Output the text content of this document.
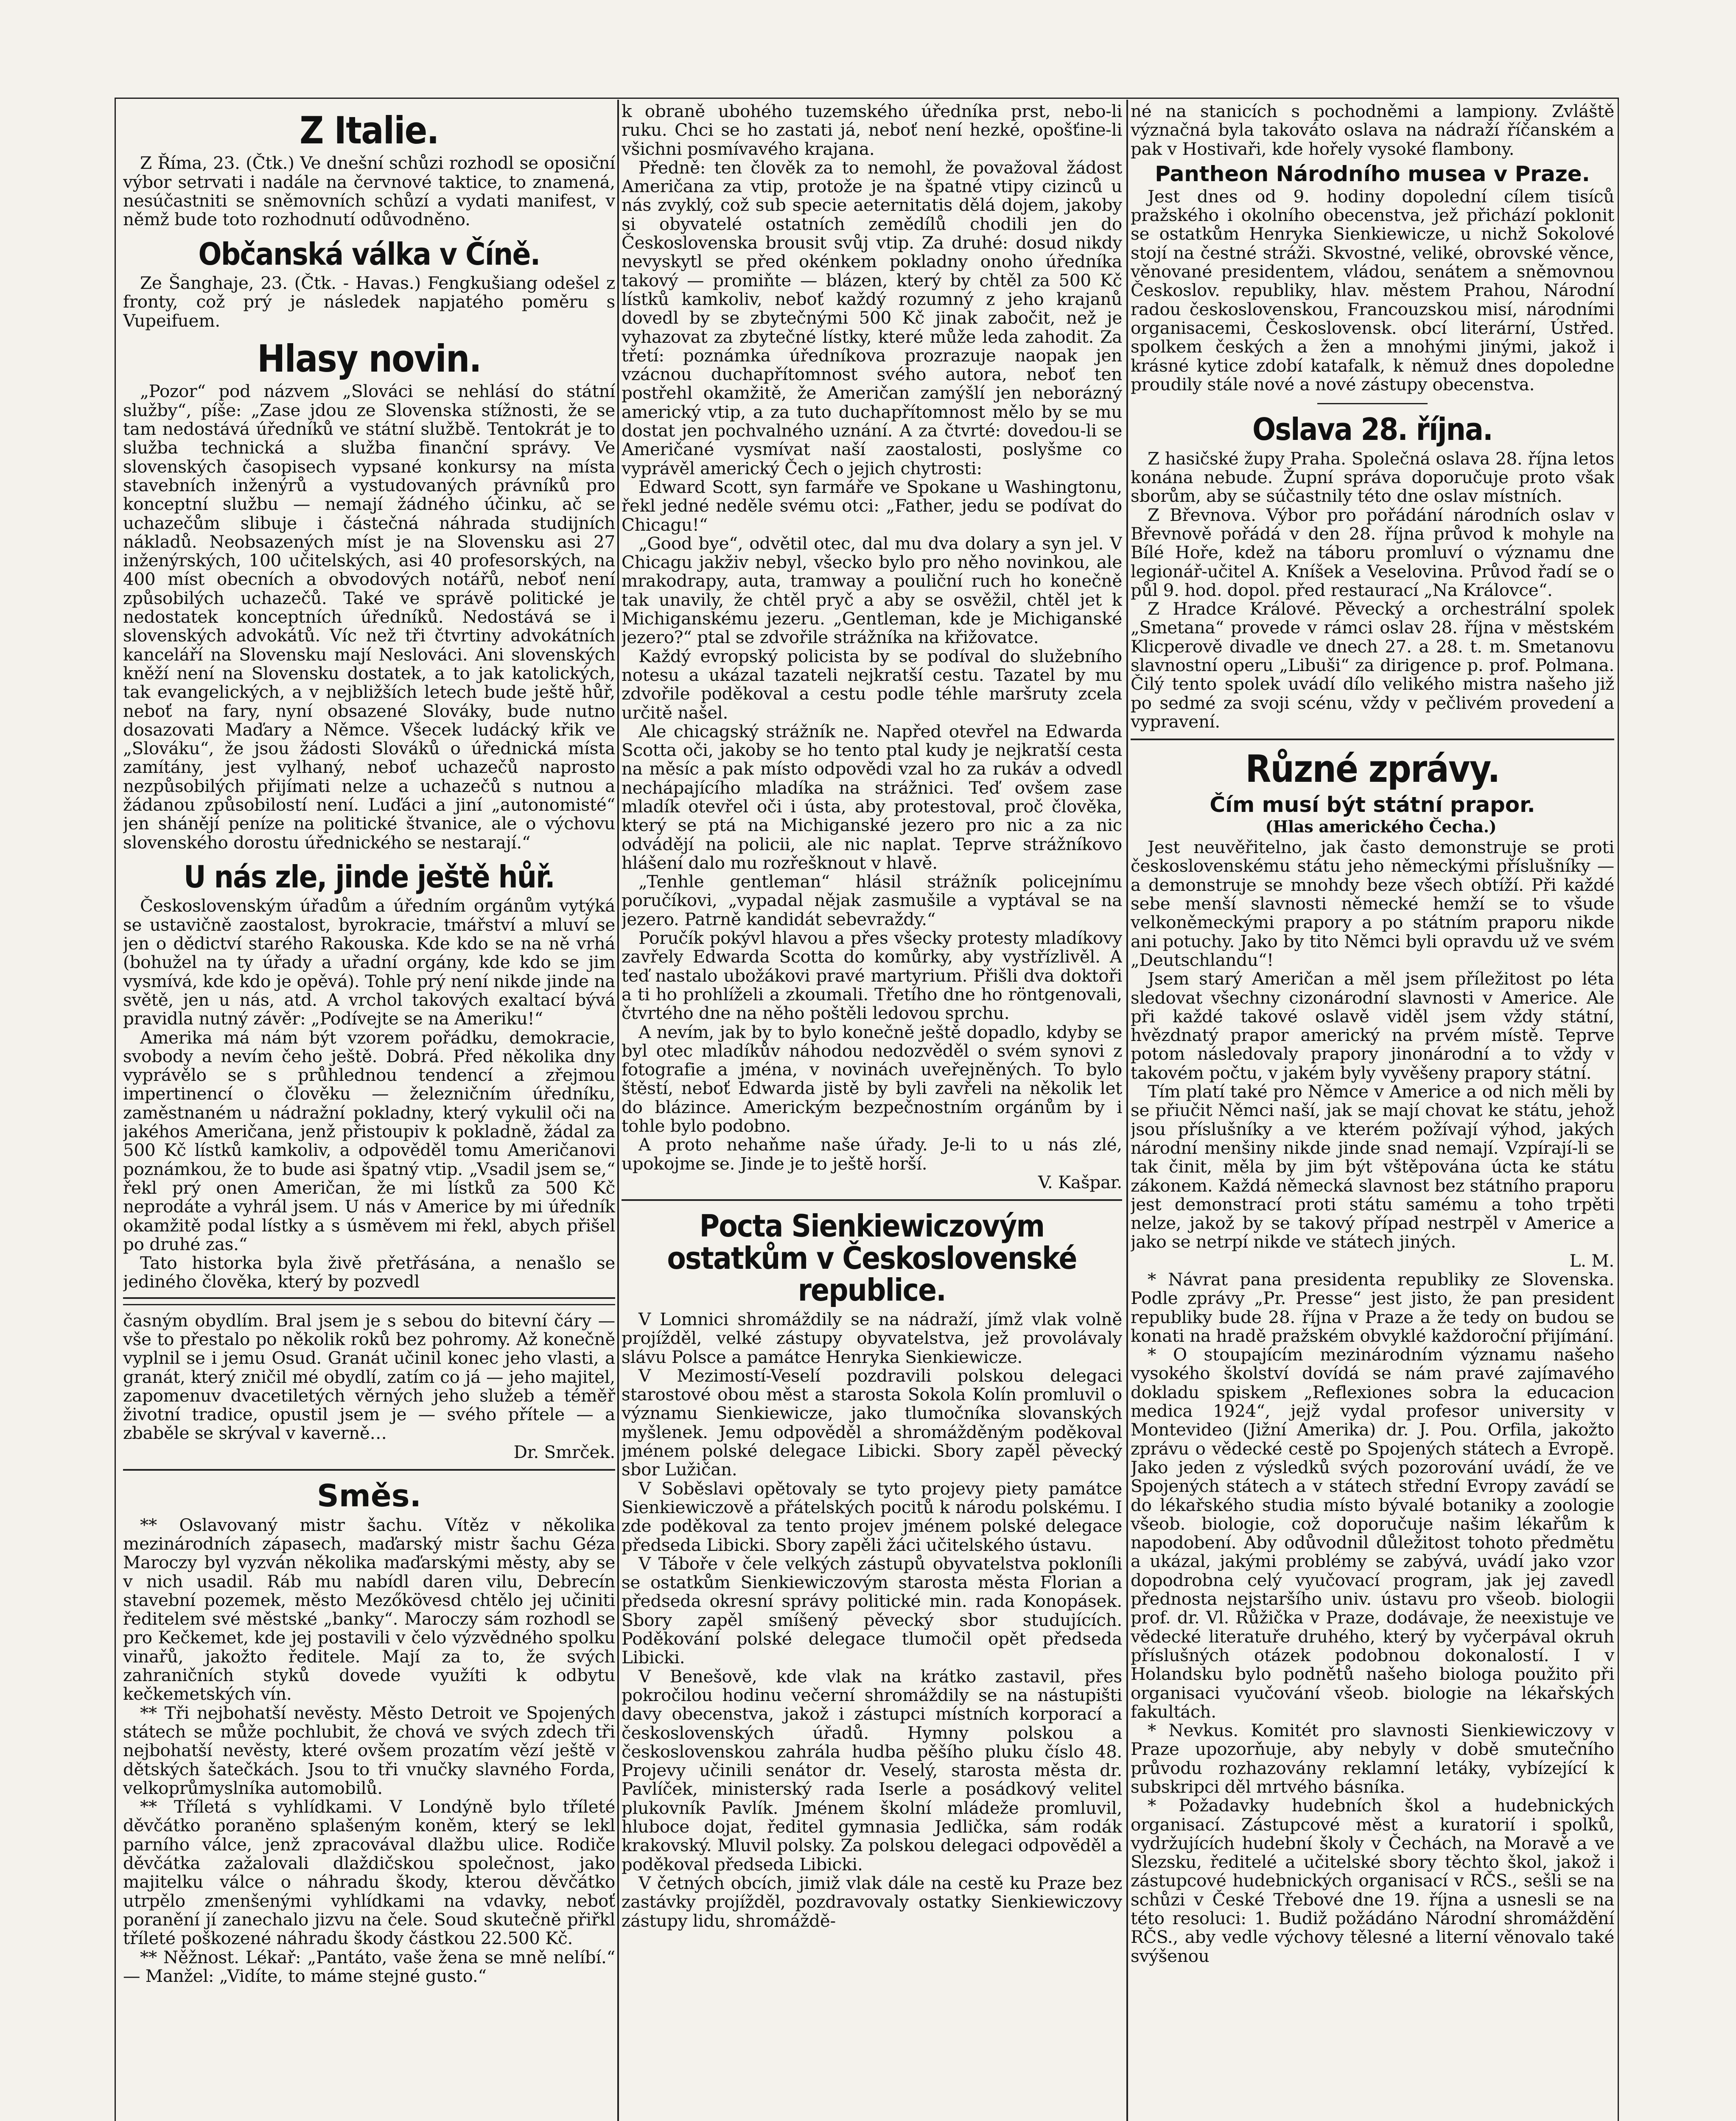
Z Italie.

Z Říma, 23. (Čtk.) Ve dnešní schůzi rozhodl se oposiční výbor setrvati i nadále na červnové taktice, to znamená, nesúčastniti se sněmovních schůzí a vydati manifest, v němž bude toto rozhodnutí odůvodněno.

Občanská válka v Číně.

Ze Šanghaje, 23. (Čtk. - Havas.) Fengkušiang odešel z fronty, což prý je následek napjatého poměru s Vupeifuem.

Hlasy novin.

„Pozor“ pod názvem „Slováci se nehlásí do státní služby“, píše: „Zase jdou ze Slovenska stížnosti, že se tam nedostává úředníků ve státní službě. Tentokrát je to služba technická a služba finanční správy. Ve slovenských časopisech vypsané konkursy na místa stavebních inženýrů a vystudovaných právníků pro konceptní službu — nemají žádného účinku, ač se uchazečům slibuje i částečná náhrada studijních nákladů. Neobsazených míst je na Slovensku asi 27 inženýrských, 100 učitelských, asi 40 profesorských, na 400 míst obecních a obvodových notářů, neboť není způsobilých uchazečů. Také ve správě politické je nedostatek konceptních úředníků. Nedostává se i slovenských advokátů. Víc než tři čtvrtiny advokátních kanceláří na Slovensku mají Neslováci. Ani slovenských kněží není na Slovensku dostatek, a to jak katolických, tak evangelických, a v nejbližších letech bude ještě hůř, neboť na fary, nyní obsazené Slováky, bude nutno dosazovati Maďary a Němce. Všecek ludácký křik ve „Slováku“, že jsou žádosti Slováků o úřednická místa zamítány, jest vylhaný, neboť uchazečů naprosto nezpůsobilých přijímati nelze a uchazečů s nutnou a žádanou způsobilostí není. Luďáci a jiní „autonomisté“ jen shánějí peníze na politické štvanice, ale o výchovu slovenského dorostu úřednického se nestarají.“

U nás zle, jinde ještě hůř.

Československým úřadům a úředním orgánům vytýká se ustavičně zaostalost, byrokracie, tmářství a mluví se jen o dědictví starého Rakouska. Kde kdo se na ně vrhá (bohužel na ty úřady a uřadní orgány, kde kdo se jim vysmívá, kde kdo je opěvá). Tohle prý není nikde jinde na světě, jen u nás, atd. A vrchol takových exaltací bývá pravidla nutný závěr: „Podívejte se na Ameriku!“

Amerika má nám být vzorem pořádku, demokracie, svobody a nevím čeho ještě. Dobrá. Před několika dny vyprávělo se s průhlednou tendencí a zřejmou impertinencí o člověku — železničním úředníku, zaměstnaném u nádražní pokladny, který vykulil oči na jakéhos Američana, jenž přistoupiv k pokladně, žádal za 500 Kč lístků kamkoliv, a odpověděl tomu Američanovi poznámkou, že to bude asi špatný vtip. „Vsadil jsem se,“ řekl prý onen Američan, že mi lístků za 500 Kč neprodáte a vyhrál jsem. U nás v Americe by mi úředník okamžitě podal lístky a s úsměvem mi řekl, abych přišel po druhé zas.“

Tato historka byla živě přetřásána, a nenašlo se jediného člověka, který by pozvedl

časným obydlím. Bral jsem je s sebou do bitevní čáry — vše to přestalo po několik roků bez pohromy. Až konečně vyplnil se i jemu Osud. Granát učinil konec jeho vlasti, a granát, který zničil mé obydlí, zatím co já — jeho majitel, zapomenuv dvacetiletých věrných jeho služeb a téměř životní tradice, opustil jsem je — svého přítele — a zbaběle se skrýval v kaverně…

Dr. Smrček.

Směs.

** Oslavovaný mistr šachu. Vítěz v několika mezinárodních zápasech, maďarský mistr šachu Géza Maroczy byl vyzván několika maďarskými městy, aby se v nich usadil. Ráb mu nabídl daren vilu, Debrecín stavební pozemek, město Mezőkövesd chtělo jej učiniti ředitelem své městské „banky“. Maroczy sám rozhodl se pro Kečkemet, kde jej postavili v čelo výzvědného spolku vinařů, jakožto ředitele. Mají za to, že svých zahraničních styků dovede využíti k odbytu kečkemetských vín.

** Tři nejbohatší nevěsty. Město Detroit ve Spojených státech se může pochlubit, že chová ve svých zdech tři nejbohatší nevěsty, které ovšem prozatím vězí ještě v dětských šatečkách. Jsou to tři vnučky slavného Forda, velkoprůmyslníka automobilů.

** Tříletá s vyhlídkami. V Londýně bylo tříleté děvčátko poraněno splašeným koněm, který se lekl parního válce, jenž zpracovával dlažbu ulice. Rodiče děvčátka zažalovali dlaždičskou společnost, jako majitelku válce o náhradu škody, kterou děvčátko utrpělo zmenšenými vyhlídkami na vdavky, neboť poranění jí zanechalo jizvu na čele. Soud skutečně přiřkl tříleté poškozené náhradu škody částkou 22.500 Kč.

** Něžnost. Lékař: „Pantáto, vaše žena se mně nelíbí.“ — Manžel: „Vidíte, to máme stejné gusto.“

k obraně ubohého tuzemského úředníka prst, nebo-li ruku. Chci se ho zastati já, neboť není hezké, opošťine-li všichni posmívavého krajana.

Předně: ten člověk za to nemohl, že považoval žádost Američana za vtip, protože je na špatné vtipy cizinců u nás zvyklý, což sub specie aeternitatis dělá dojem, jakoby si obyvatelé ostatních zemědílů chodili jen do Československa brousit svůj vtip. Za druhé: dosud nikdy nevyskytl se před okénkem pokladny onoho úředníka takový — promiňte — blázen, který by chtěl za 500 Kč lístků kamkoliv, neboť každý rozumný z jeho krajanů dovedl by se zbytečnými 500 Kč jinak zabočit, než je vyhazovat za zbytečné lístky, které může leda zahodit. Za třetí: poznámka úředníkova prozrazuje naopak jen vzácnou duchapřítomnost svého autora, neboť ten postřehl okamžitě, že Američan zamýšlí jen neborázný americký vtip, a za tuto duchapřítomnost mělo by se mu dostat jen pochvalného uznání. A za čtvrté: dovedou-li se Američané vysmívat naší zaostalosti, poslyšme co vyprávěl americký Čech o jejich chytrosti:

Edward Scott, syn farmáře ve Spokane u Washingtonu, řekl jedné neděle svému otci: „Father, jedu se podívat do Chicagu!“

„Good bye“, odvětil otec, dal mu dva dolary a syn jel. V Chicagu jakživ nebyl, všecko bylo pro něho novinkou, ale mrakodrapy, auta, tramway a pouliční ruch ho konečně tak unavily, že chtěl pryč a aby se osvěžil, chtěl jet k Michiganskému jezeru. „Gentleman, kde je Michiganské jezero?“ ptal se zdvořile strážníka na křižovatce.

Každý evropský policista by se podíval do služebního notesu a ukázal tazateli nejkratší cestu. Tazatel by mu zdvořile poděkoval a cestu podle téhle maršruty zcela určitě našel.

Ale chicagský strážník ne. Napřed otevřel na Edwarda Scotta oči, jakoby se ho tento ptal kudy je nejkratší cesta na měsíc a pak místo odpovědi vzal ho za rukáv a odvedl nechápajícího mladíka na strážnici. Teď ovšem zase mladík otevřel oči i ústa, aby protestoval, proč člověka, který se ptá na Michiganské jezero pro nic a za nic odvádějí na policii, ale nic naplat. Teprve strážníkovo hlášení dalo mu rozřešknout v hlavě.

„Tenhle gentleman“ hlásil strážník policejnímu poručíkovi, „vypadal nějak zasmušile a vyptával se na jezero. Patrně kandidát sebevraždy.“

Poručík pokývl hlavou a přes všecky protesty mladíkovy zavřely Edwarda Scotta do komůrky, aby vystřízlivěl. A teď nastalo ubožákovi pravé martyrium. Přišli dva doktoři a ti ho prohlíželi a zkoumali. Třetího dne ho röntgenovali, čtvrtého dne na něho poštěli ledovou sprchu.

A nevím, jak by to bylo konečně ještě dopadlo, kdyby se byl otec mladíkův náhodou nedozvěděl o svém synovi z fotografie a jména, v novinách uveřejněných. To bylo štěstí, neboť Edwarda jistě by byli zavřeli na několik let do blázince. Americkým bezpečnostním orgánům by i tohle bylo podobno.

A proto nehaňme naše úřady. Je-li to u nás zlé, upokojme se. Jinde je to ještě horší.

V. Kašpar.

Pocta Sienkiewiczovým ostatkům v Československé republice.

V Lomnici shromáždily se na nádraží, jímž vlak volně projížděl, velké zástupy obyvatelstva, jež provolávaly slávu Polsce a památce Henryka Sienkiewicze.

V Mezimostí-Veselí pozdravili polskou delegaci starostové obou měst a starosta Sokola Kolín promluvil o významu Sienkiewicze, jako tlumočníka slovanských myšlenek. Jemu odpověděl a shromážděným poděkoval jménem polské delegace Libicki. Sbory zapěl pěvecký sbor Lužičan.

V Soběslavi opětovaly se tyto projevy piety památce Sienkiewiczově a přátelských pocitů k národu polskému. I zde poděkoval za tento projev jménem polské delegace předseda Libicki. Sbory zapěli žáci učitelského ústavu.

V Táboře v čele velkých zástupů obyvatelstva pokloníli se ostatkům Sienkiewiczovým starosta města Florian a předseda okresní správy politické min. rada Konopásek. Sbory zapěl smíšený pěvecký sbor studujících. Poděkování polské delegace tlumočil opět předseda Libicki.

V Benešově, kde vlak na krátko zastavil, přes pokročilou hodinu večerní shromáždily se na nástupišti davy obecenstva, jakož i zástupci místních korporací a československých úřadů. Hymny polskou a československou zahrála hudba pěšího pluku číslo 48. Projevy učinili senátor dr. Veselý, starosta města dr. Pavlíček, ministerský rada Iserle a posádkový velitel plukovník Pavlík. Jménem školní mládeže promluvil, hluboce dojat, ředitel gymnasia Jedlička, sám rodák krakovský. Mluvil polsky. Za polskou delegaci odpověděl a poděkoval předseda Libicki.

V četných obcích, jimiž vlak dále na cestě ku Praze bez zastávky projížděl, pozdravovaly ostatky Sienkiewiczovy zástupy lidu, shromáždě-

né na stanicích s pochodněmi a lampiony. Zvláště význačná byla takováto oslava na nádraží říčanském a pak v Hostivaři, kde hořely vysoké flambony.

Pantheon Národního musea v Praze.

Jest dnes od 9. hodiny dopolední cílem tisíců pražského i okolního obecenstva, jež přichází poklonit se ostatkům Henryka Sienkiewicze, u nichž Sokolové stojí na čestné stráži. Skvostné, veliké, obrovské věnce, věnované presidentem, vládou, senátem a sněmovnou Českoslov. republiky, hlav. městem Prahou, Národní radou československou, Francouzskou misí, národními organisacemi, Československ. obcí literární, Ústřed. spolkem českých a žen a mnohými jinými, jakož i krásné kytice zdobí katafalk, k němuž dnes dopoledne proudily stále nové a nové zástupy obecenstva.

Oslava 28. října.

Z hasičské župy Praha. Společná oslava 28. října letos konána nebude. Župní správa doporučuje proto však sborům, aby se súčastnily této dne oslav místních.

Z Břevnova. Výbor pro pořádání národních oslav v Břevnově pořádá v den 28. října průvod k mohyle na Bílé Hoře, kdež na táboru promluví o významu dne legionář-učitel A. Kníšek a Veselovina. Průvod řadí se o půl 9. hod. dopol. před restaurací „Na Královce“.

Z Hradce Králové. Pěvecký a orchestrální spolek „Smetana“ provede v rámci oslav 28. října v městském Klicperově divadle ve dnech 27. a 28. t. m. Smetanovu slavnostní operu „Libuši“ za dirigence p. prof. Polmana. Čilý tento spolek uvádí dílo velikého mistra našeho již po sedmé za svoji scénu, vždy v pečlivém provedení a vypravení.

Různé zprávy.
Čím musí být státní prapor.

(Hlas amerického Čecha.)

Jest neuvěřitelno, jak často demonstruje se proti československému státu jeho německými příslušníky — a demonstruje se mnohdy beze všech obtíží. Při každé sebe menší slavnosti německé hemží se to všude velkoněmeckými prapory a po státním praporu nikde ani potuchy. Jako by tito Němci byli opravdu už ve svém „Deutschlandu“!

Jsem starý Američan a měl jsem příležitost po léta sledovat všechny cizonárodní slavnosti v Americe. Ale při každé takové oslavě viděl jsem vždy státní, hvězdnatý prapor americký na prvém místě. Teprve potom následovaly prapory jinonárodní a to vždy v takovém počtu, v jakém byly vyvěšeny prapory státní.

Tím platí také pro Němce v Americe a od nich měli by se přiučit Němci naší, jak se mají chovat ke státu, jehož jsou příslušníky a ve kterém požívají výhod, jakých národní menšiny nikde jinde snad nemají. Vzpírají-li se tak činit, měla by jim být vštěpována úcta ke státu zákonem. Každá německá slavnost bez státního praporu jest demonstrací proti státu samému a toho trpěti nelze, jakož by se takový případ nestrpěl v Americe a jako se netrpí nikde ve státech jiných.

L. M.

* Návrat pana presidenta republiky ze Slovenska. Podle zprávy „Pr. Presse“ jest jisto, že pan president republiky bude 28. října v Praze a že tedy on budou se konati na hradě pražském obvyklé každoroční přijímání.

* O stoupajícím mezinárodním významu našeho vysokého školství dovídá se nám pravé zajímavého dokladu spiskem „Reflexiones sobra la educacion medica 1924“, jejž vydal profesor university v Montevideo (Jižní Amerika) dr. J. Pou. Orfila, jakožto zprávu o vědecké cestě po Spojených státech a Evropě. Jako jeden z výsledků svých pozorování uvádí, že ve Spojených státech a v státech střední Evropy zavádí se do lékařského studia místo bývalé botaniky a zoologie všeob. biologie, což doporučuje našim lékařům k napodobení. Aby odůvodnil důležitost tohoto předmětu a ukázal, jakými problémy se zabývá, uvádí jako vzor dopodrobna celý vyučovací program, jak jej zavedl přednosta nejstaršího univ. ústavu pro všeob. biologii prof. dr. Vl. Růžička v Praze, dodávaje, že neexistuje ve vědecké literatuře druhého, který by vyčerpával okruh příslušných otázek podobnou dokonalostí. I v Holandsku bylo podnětů našeho biologa použito při organisaci vyučování všeob. biologie na lékařských fakultách.

* Nevkus. Komitét pro slavnosti Sienkiewiczovy v Praze upozorňuje, aby nebyly v době smutečního průvodu rozhazovány reklamní letáky, vybízející k subskripci děl mrtvého básníka.

* Požadavky hudebních škol a hudebnických organisací. Zástupcové měst a kuratorií i spolků, vydržujících hudební školy v Čechách, na Moravě a ve Slezsku, ředitelé a učitelské sbory těchto škol, jakož i zástupcové hudebnických organisací v RČS., sešli se na schůzi v České Třebové dne 19. října a usnesli se na této resoluci: 1. Budiž požádáno Národní shromáždění RČS., aby vedle výchovy tělesné a literní věnovalo také svýšenou
